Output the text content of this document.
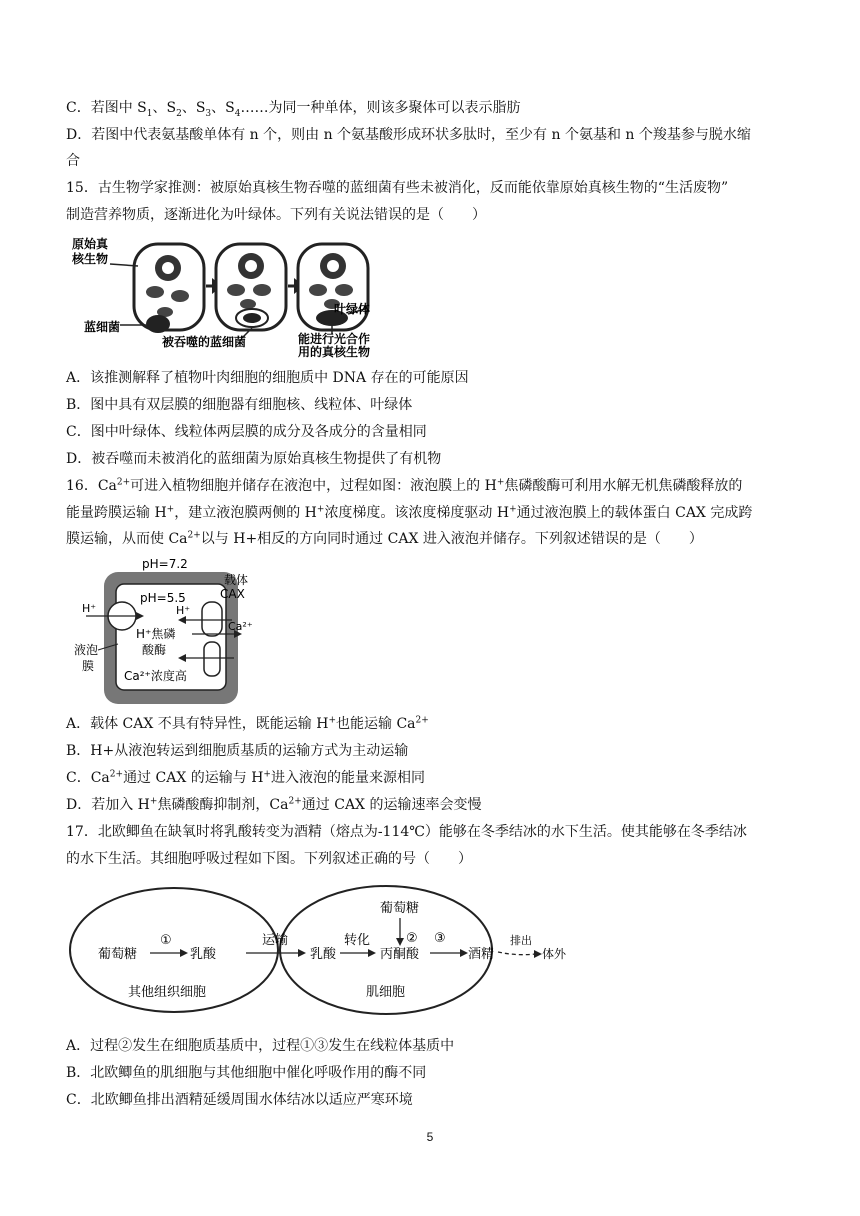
C．若图中 $S_1$、$S_2$、$S_3$、$S_4\dots\dots$为同一种单体，则该多聚体可以表示脂肪
D．若图中代表氨基酸单体有 n 个，则由 n 个氨基酸形成环状多肽时，至少有 n 个氨基和 n 个羧基参与脱水缩
合
15．古生物学家推测：被原始真核生物吞噬的蓝细菌有些未被消化，反而能依靠原始真核生物的“生活废物”
制造营养物质，逐渐进化为叶绿体。下列有关说法错误的是（　　）
原始真
核生物
蓝细菌
被吞噬的蓝细菌
叶绿体
能进行光合作
用的真核生物
A．该推测解释了植物叶肉细胞的细胞质中 DNA 存在的可能原因
B．图中具有双层膜的细胞器有细胞核、线粒体、叶绿体
C．图中叶绿体、线粒体两层膜的成分及各成分的含量相同
D．被吞噬而未被消化的蓝细菌为原始真核生物提供了有机物
16．$Ca^{2+}$可进入植物细胞并储存在液泡中，过程如图：液泡膜上的 H+焦磷酸酶可利用水解无机焦磷酸释放的
能量跨膜运输 H+，建立液泡膜两侧的 H+浓度梯度。该浓度梯度驱动 H+通过液泡膜上的载体蛋白 CAX 完成跨
膜运输，从而使 $Ca^{2+}$以与 H+相反的方向同时通过 CAX 进入液泡并储存。下列叙述错误的是（　　）
pH=7.2
pH=5.5
载体
CAX
H⁺	H⁺
Ca²⁺
H⁺焦磷
酸酶
液泡
膜
Ca²⁺浓度高
A．载体 CAX 不具有特异性，既能运输 H+也能运输 $Ca^{2+}$
B．H+从液泡转运到细胞质基质的运输方式为主动运输
C．$Ca^{2+}$通过 CAX 的运输与 H+进入液泡的能量来源相同
D．若加入 H+焦磷酸酶抑制剂，$Ca^{2+}$通过 CAX 的运输速率会变慢
17．北欧鲫鱼在缺氧时将乳酸转变为酒精（熔点为-114℃）能够在冬季结冰的水下生活。使其能够在冬季结冰
的水下生活。其细胞呼吸过程如下图。下列叙述正确的号（　　）
葡萄糖
①
乳酸
其他组织细胞
运输	转化
乳酸
葡萄糖
② ③
丙酮酸	酒精
排出
体外
肌细胞
A．过程②发生在细胞质基质中，过程①③发生在线粒体基质中
B．北欧鲫鱼的肌细胞与其他细胞中催化呼吸作用的酶不同
C．北欧鲫鱼排出酒精延缓周围水体结冰以适应严寒环境
5
